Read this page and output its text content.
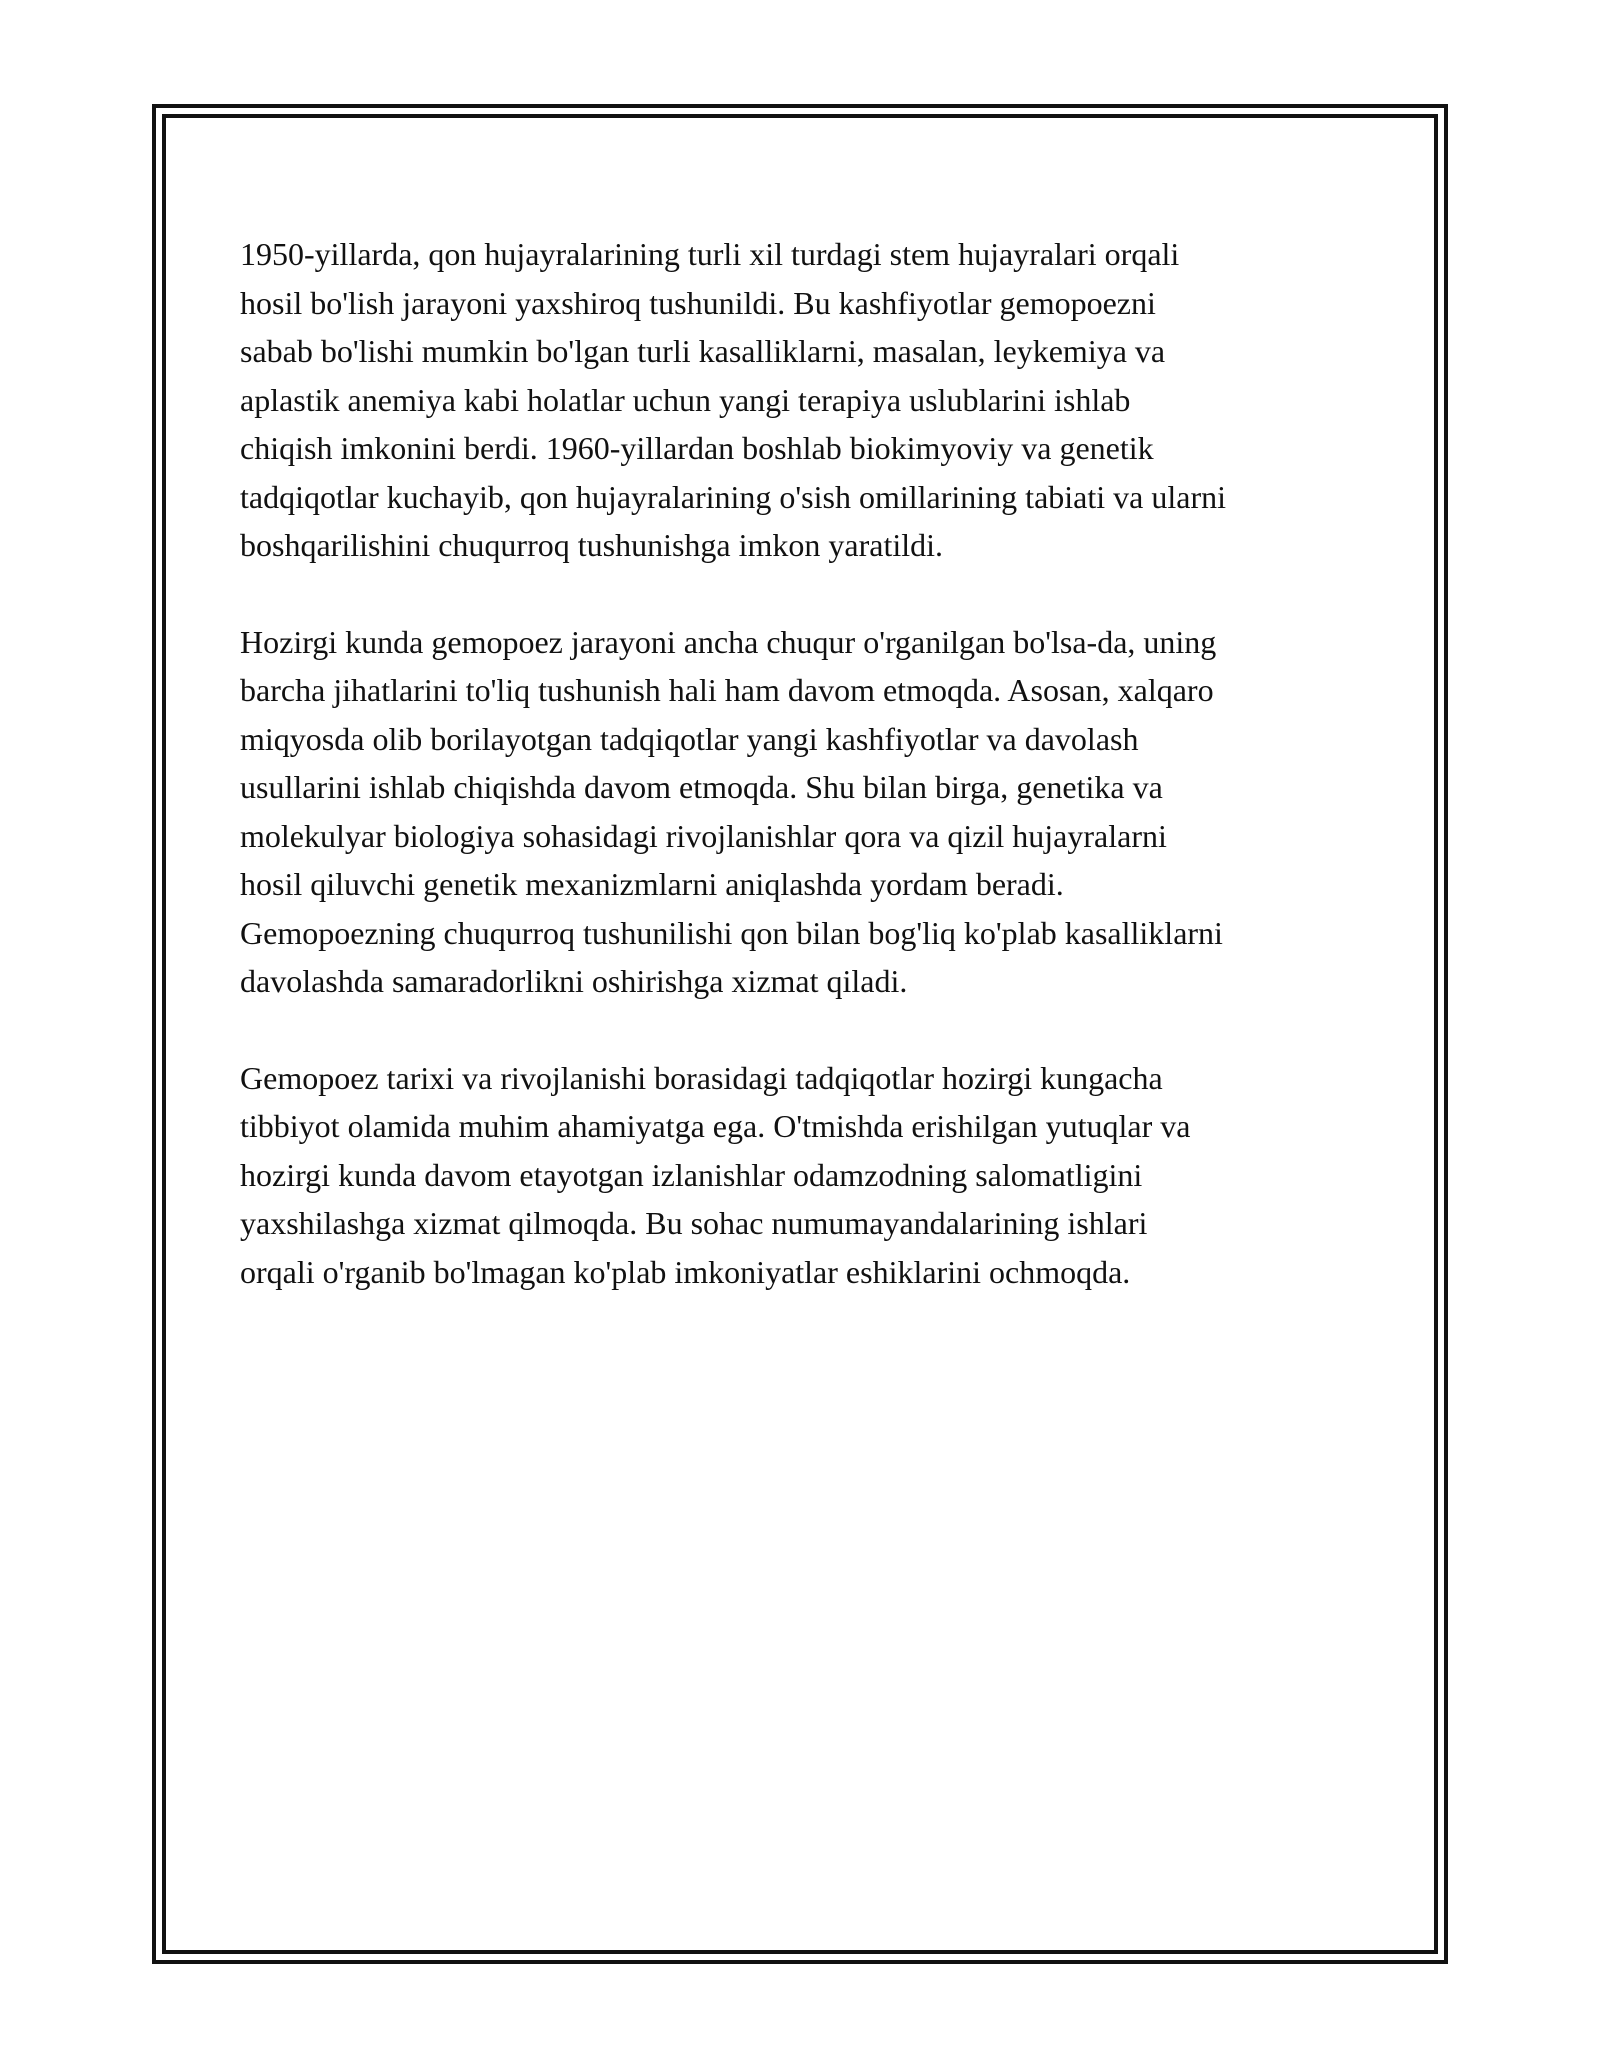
1950-yillarda, qon hujayralarining turli xil turdagi stem hujayralari orqali
hosil bo'lish jarayoni yaxshiroq tushunildi. Bu kashfiyotlar gemopoezni
sabab bo'lishi mumkin bo'lgan turli kasalliklarni, masalan, leykemiya va
aplastik anemiya kabi holatlar uchun yangi terapiya uslublarini ishlab
chiqish imkonini berdi. 1960-yillardan boshlab biokimyoviy va genetik
tadqiqotlar kuchayib, qon hujayralarining o'sish omillarining tabiati va ularni
boshqarilishini chuqurroq tushunishga imkon yaratildi.

Hozirgi kunda gemopoez jarayoni ancha chuqur o'rganilgan bo'lsa-da, uning
barcha jihatlarini to'liq tushunish hali ham davom etmoqda. Asosan, xalqaro
miqyosda olib borilayotgan tadqiqotlar yangi kashfiyotlar va davolash
usullarini ishlab chiqishda davom etmoqda. Shu bilan birga, genetika va
molekulyar biologiya sohasidagi rivojlanishlar qora va qizil hujayralarni
hosil qiluvchi genetik mexanizmlarni aniqlashda yordam beradi.
Gemopoezning chuqurroq tushunilishi qon bilan bog'liq ko'plab kasalliklarni
davolashda samaradorlikni oshirishga xizmat qiladi.

Gemopoez tarixi va rivojlanishi borasidagi tadqiqotlar hozirgi kungacha
tibbiyot olamida muhim ahamiyatga ega. O'tmishda erishilgan yutuqlar va
hozirgi kunda davom etayotgan izlanishlar odamzodning salomatligini
yaxshilashga xizmat qilmoqda. Bu sohac numumayandalarining ishlari
orqali o'rganib bo'lmagan ko'plab imkoniyatlar eshiklarini ochmoqda.
